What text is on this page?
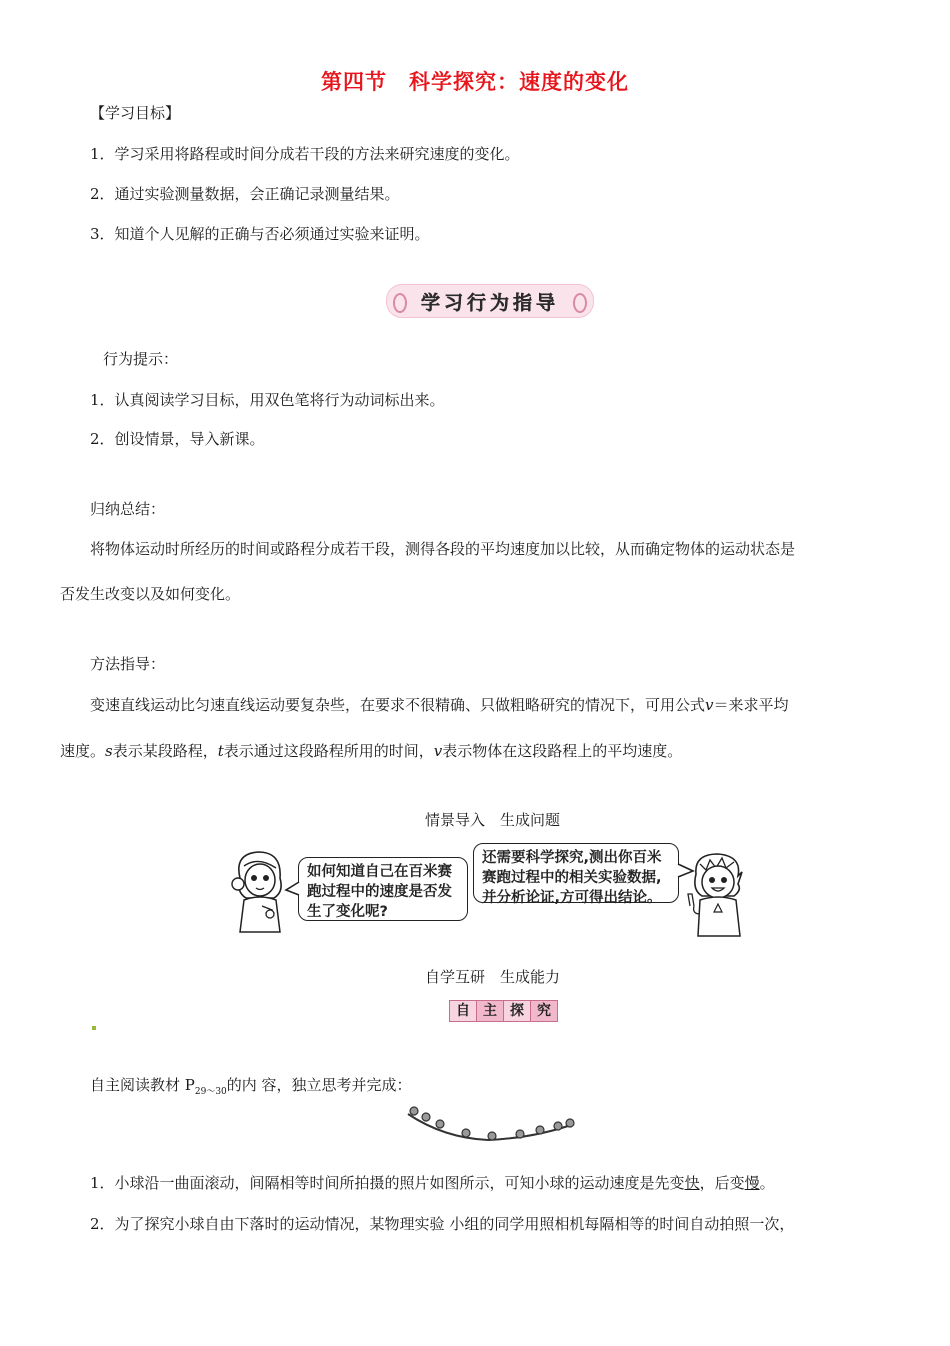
第四节　科学探究：速度的变化
【学习目标】
1．学习采用将路程或时间分成若干段的方法来研究速度的变化。
2．通过实验测量数据，会正确记录测量结果。
3．知道个人见解的正确与否必须通过实验来证明。
学习行为指导
行为提示：
1．认真阅读学习目标，用双色笔将行为动词标出来。
2．创设情景，导入新课。
归纳总结：
将物体运动时所经历的时间或路程分成若干段，测得各段的平均速度加以比较，从而确定物体的运动状态是
否发生改变以及如何变化。
方法指导：
变速直线运动比匀速直线运动要复杂些，在要求不很精确、只做粗略研究的情况下，可用公式v＝来求平均
速度。s表示某段路程，t表示通过这段路程所用的时间，v表示物体在这段路程上的平均速度。
情景导入　生成问题
如何知道自己在百米赛跑过程中的速度是否发生了变化呢?
还需要科学探究,测出你百米赛跑过程中的相关实验数据,并分析论证,方可得出结论。
自学互研　生成能力
自 主 探 究
自主阅读教材 $P_{29\sim 30}$的内 容，独立思考并完成：
1．小球沿一曲面滚动，间隔相等时间所拍摄的照片如图所示，可知小球的运动速度是先变快，后变慢。
2．为了探究小球自由下落时的运动情况，某物理实验 小组的同学用照相机每隔相等的时间自动拍照一次，
